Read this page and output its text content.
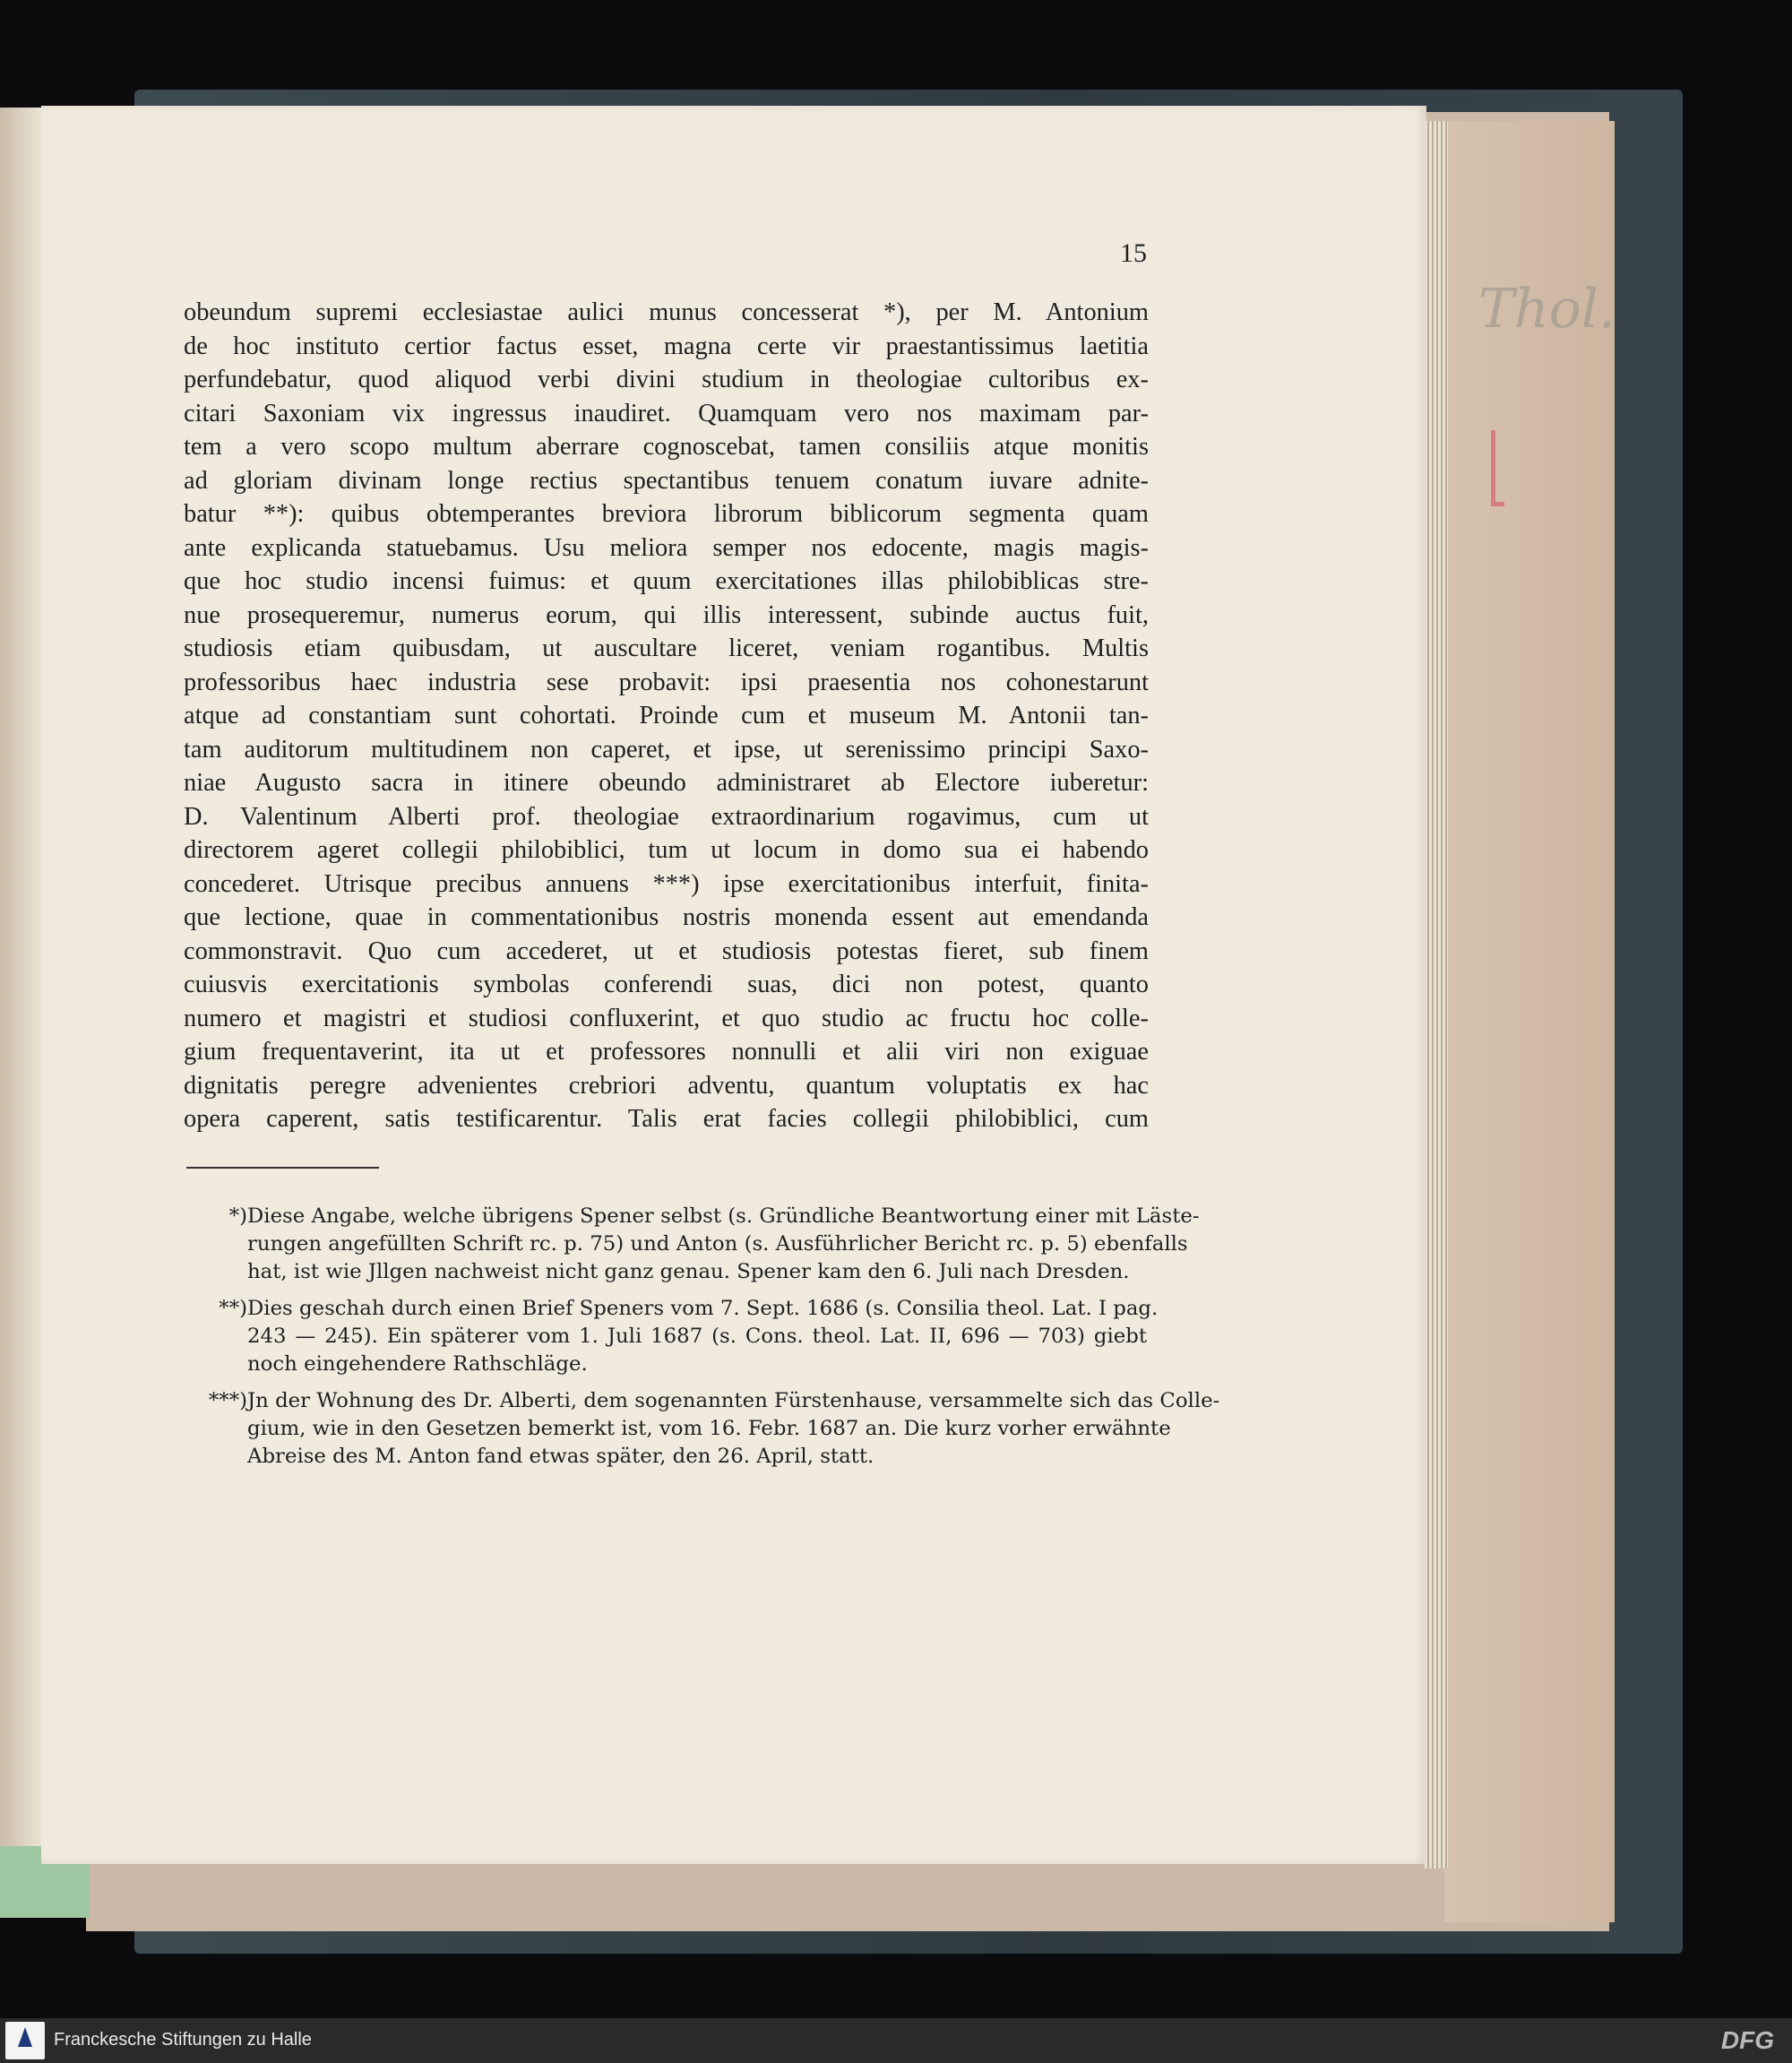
Thol.
15
obeundum supremi ecclesiastae aulici munus concesserat *), per M. Antonium
de hoc instituto certior factus esset, magna certe vir praestantissimus laetitia
perfundebatur, quod aliquod verbi divini studium in theologiae cultoribus ex-
citari Saxoniam vix ingressus inaudiret. Quamquam vero nos maximam par-
tem a vero scopo multum aberrare cognoscebat, tamen consiliis atque monitis
ad gloriam divinam longe rectius spectantibus tenuem conatum iuvare adnite-
batur **): quibus obtemperantes breviora librorum biblicorum segmenta quam
ante explicanda statuebamus. Usu meliora semper nos edocente, magis magis-
que hoc studio incensi fuimus: et quum exercitationes illas philobiblicas stre-
nue prosequeremur, numerus eorum, qui illis interessent, subinde auctus fuit,
studiosis etiam quibusdam, ut auscultare liceret, veniam rogantibus. Multis
professoribus haec industria sese probavit: ipsi praesentia nos cohonestarunt
atque ad constantiam sunt cohortati. Proinde cum et museum M. Antonii tan-
tam auditorum multitudinem non caperet, et ipse, ut serenissimo principi Saxo-
niae Augusto sacra in itinere obeundo administraret ab Electore iuberetur:
D. Valentinum Alberti prof. theologiae extraordinarium rogavimus, cum ut
directorem ageret collegii philobiblici, tum ut locum in domo sua ei habendo
concederet. Utrisque precibus annuens ***) ipse exercitationibus interfuit, finita-
que lectione, quae in commentationibus nostris monenda essent aut emendanda
commonstravit. Quo cum accederet, ut et studiosis potestas fieret, sub finem
cuiusvis exercitationis symbolas conferendi suas, dici non potest, quanto
numero et magistri et studiosi confluxerint, et quo studio ac fructu hoc colle-
gium frequentaverint, ita ut et professores nonnulli et alii viri non exiguae
dignitatis peregre advenientes crebriori adventu, quantum voluptatis ex hac
opera caperent, satis testificarentur. Talis erat facies collegii philobiblici, cum
*) Diese Angabe, welche übrigens Spener selbst (s. Gründliche Beantwortung einer mit Läste-
rungen angefüllten Schrift rc. p. 75) und Anton (s. Ausführlicher Bericht rc. p. 5) ebenfalls
hat, ist wie Jllgen nachweist nicht ganz genau. Spener kam den 6. Juli nach Dresden.
**) Dies geschah durch einen Brief Speners vom 7. Sept. 1686 (s. Consilia theol. Lat. I pag.
243 — 245). Ein späterer vom 1. Juli 1687 (s. Cons. theol. Lat. II, 696 — 703) giebt
noch eingehendere Rathschläge.
***) Jn der Wohnung des Dr. Alberti, dem sogenannten Fürstenhause, versammelte sich das Colle-
gium, wie in den Gesetzen bemerkt ist, vom 16. Febr. 1687 an. Die kurz vorher erwähnte
Abreise des M. Anton fand etwas später, den 26. April, statt.
Franckesche Stiftungen zu Halle	DFG
